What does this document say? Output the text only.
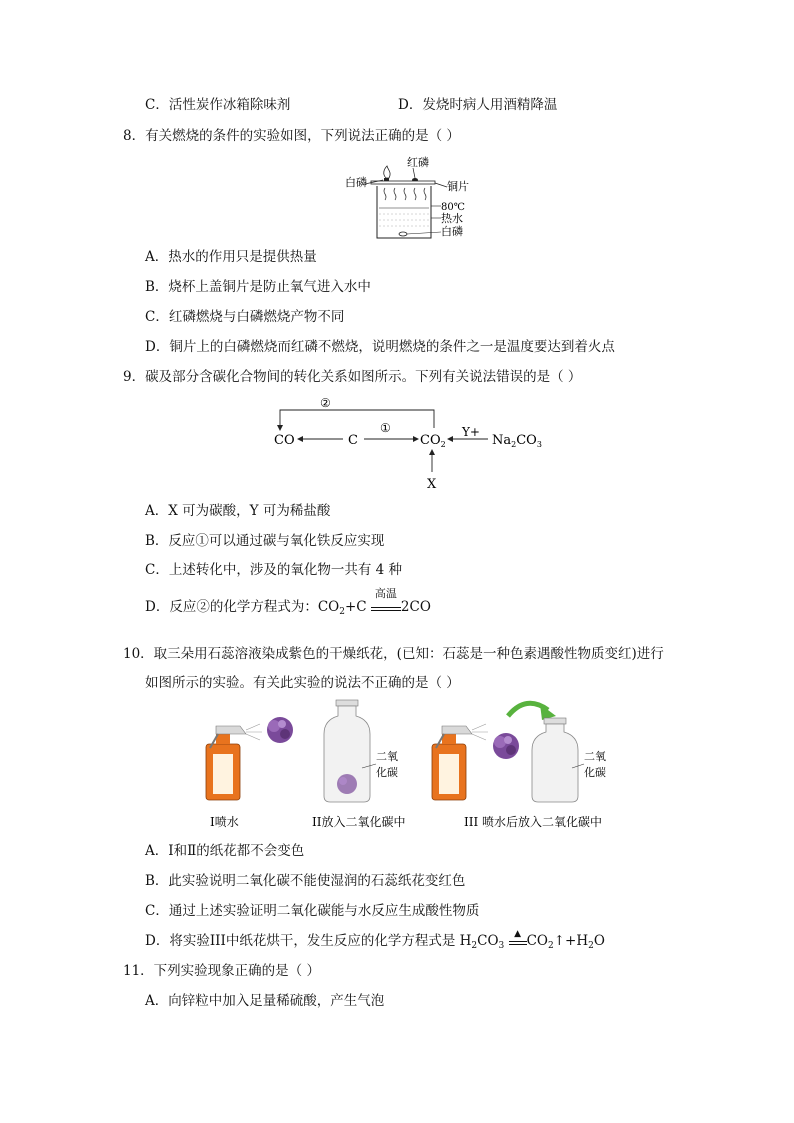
C．活性炭作冰箱除味剂	D．发烧时病人用酒精降温
8．有关燃烧的条件的实验如图，下列说法正确的是（ ）
红磷
白磷	铜片
80℃
热水
白磷
A．热水的作用只是提供热量
B．烧杯上盖铜片是防止氧气进入水中
C．红磷燃烧与白磷燃烧产物不同
D．铜片上的白磷燃烧而红磷不燃烧，说明燃烧的条件之一是温度要达到着火点
9．碳及部分含碳化合物间的转化关系如图所示。下列有关说法错误的是（ ）
②
CO	C
①
$CO_2$
Y+
$Na_2CO_3$
X
A．X 可为碳酸，Y 可为稀盐酸
B．反应①可以通过碳与氧化铁反应实现
C．上述转化中，涉及的氧化物一共有 4 种
D．反应②的化学方程式为：$CO_2+C$
高温
2CO
10．取三朵用石蕊溶液染成紫色的干燥纸花，(已知：石蕊是一种色素遇酸性物质变红)进行
如图所示的实验。有关此实验的说法不正确的是（ ）
二氧
化碳
二氧
化碳
I喷水	II放入二氧化碳中	III 喷水后放入二氧化碳中
A．Ⅰ和Ⅱ的纸花都不会变色
B．此实验说明二氧化碳不能使湿润的石蕊纸花变红色
C．通过上述实验证明二氧化碳能与水反应生成酸性物质
D．将实验III中纸花烘干，发生反应的化学方程式是 $H_2CO_3$
▲ $CO_2↑+H_2O$
11．下列实验现象正确的是（ ）
A．向锌粒中加入足量稀硫酸，产生气泡
